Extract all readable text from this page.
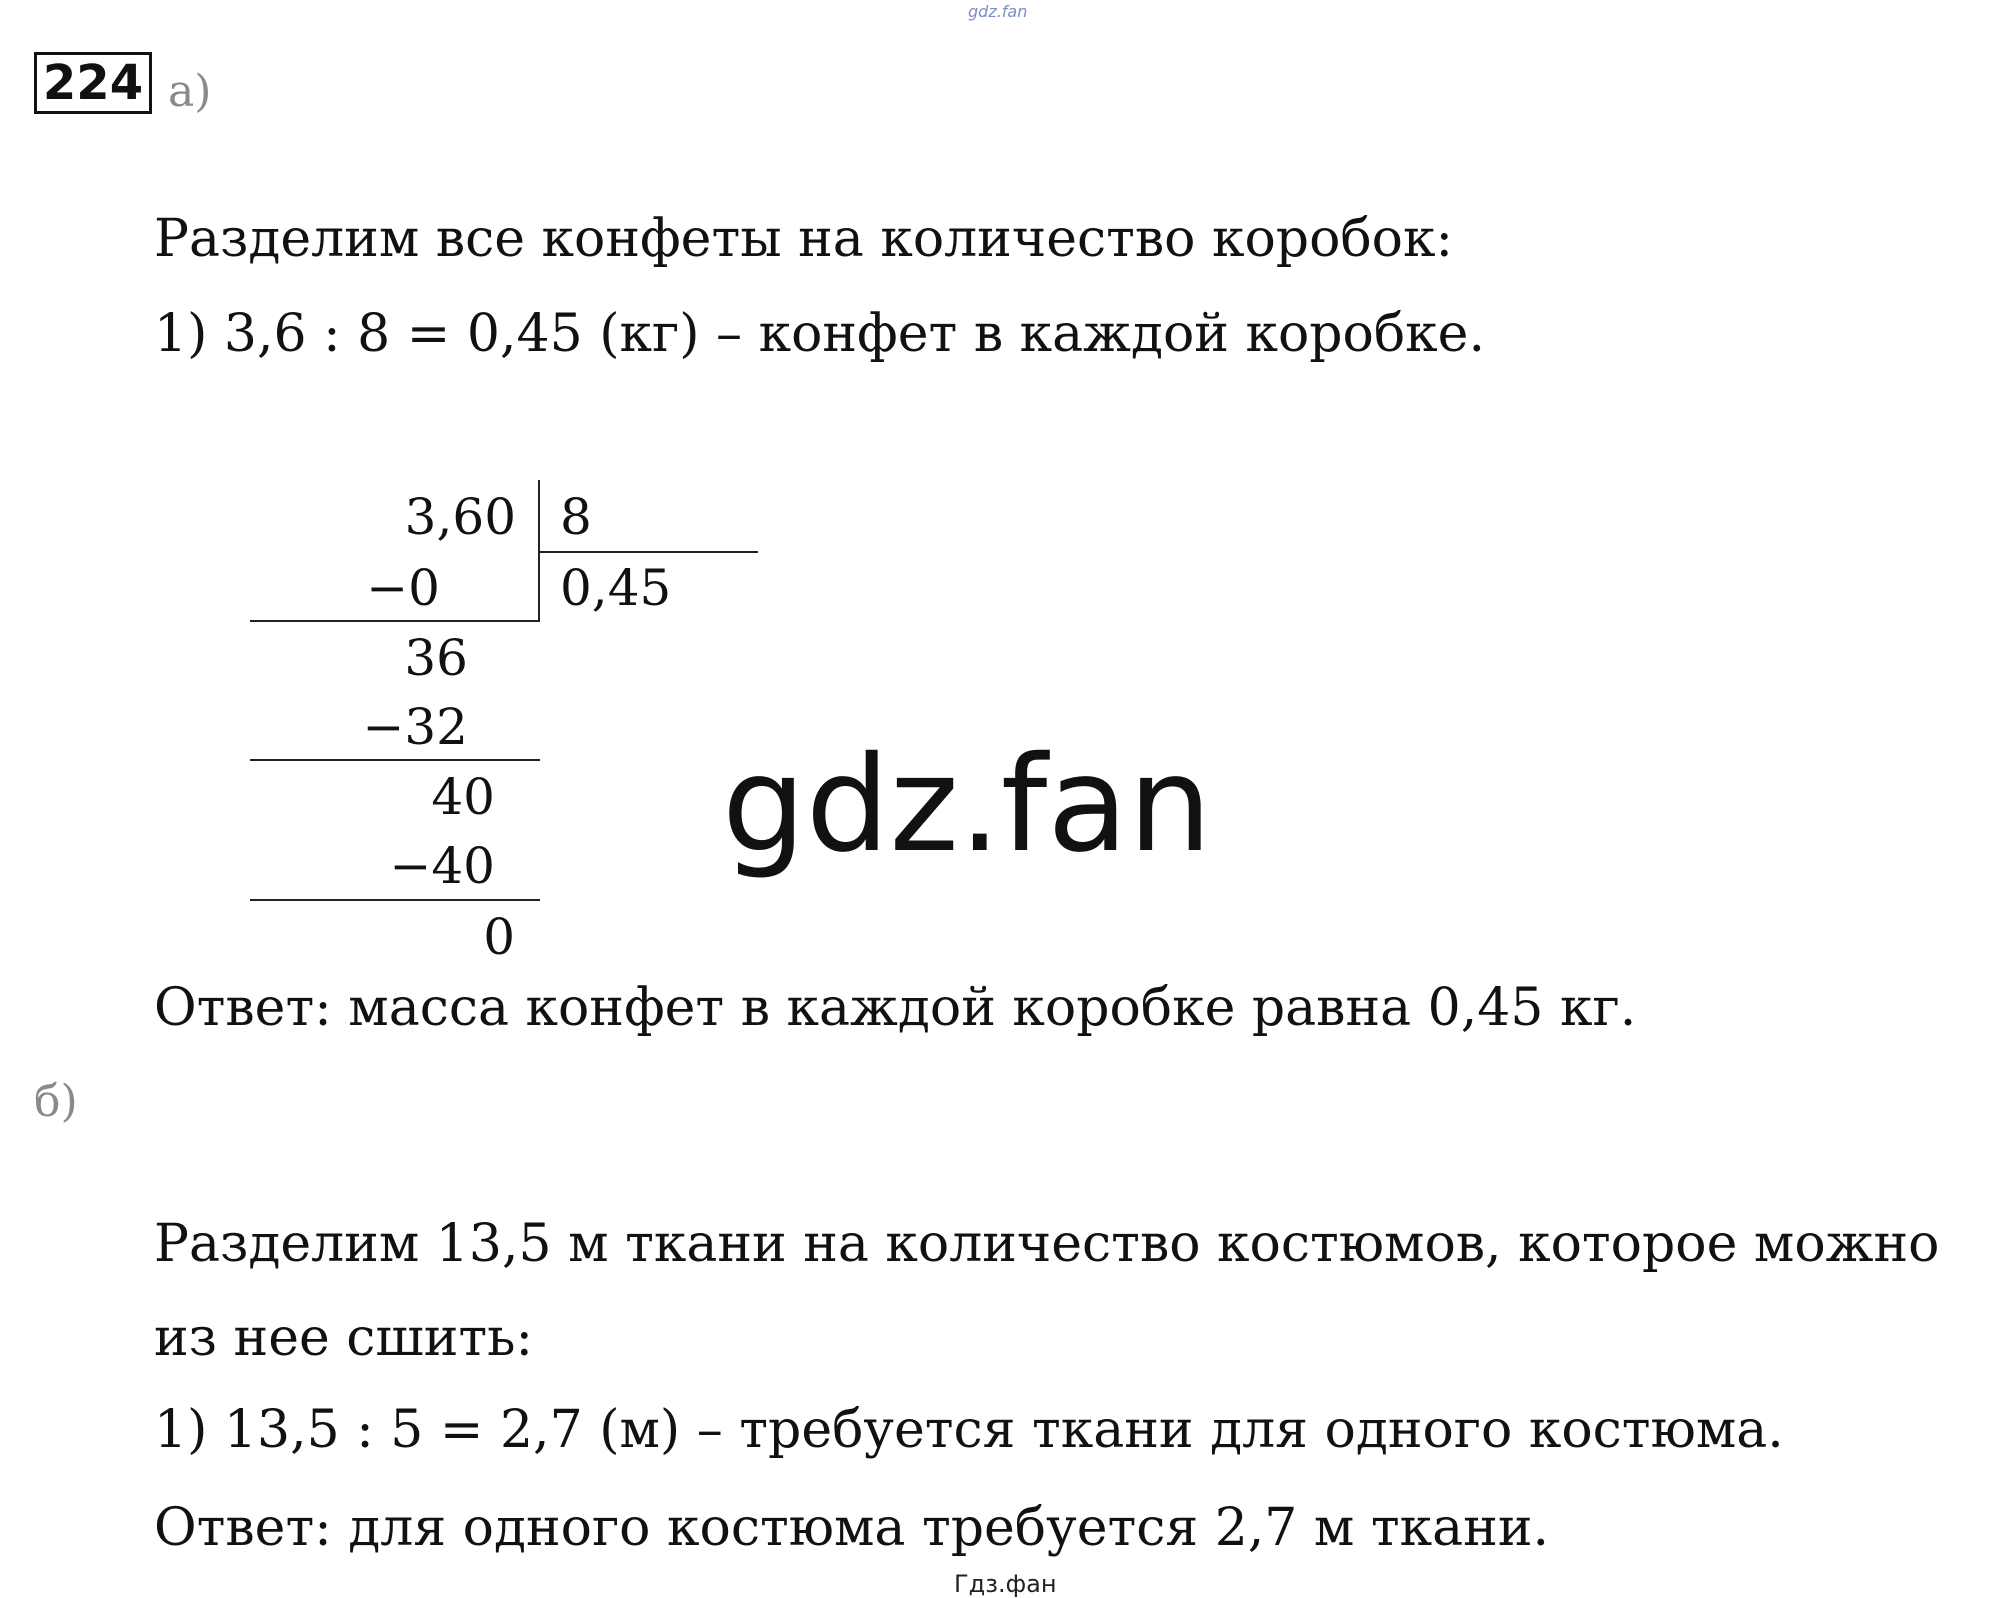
gdz.fan
gdz.fan
Гдз.фан
224 а)
Разделим все конфеты на количество коробок:
1) 3,6 : 8 = 0,45 (кг) – конфет в каждой коробке.
3,60 8
0,45
−0
36
−32
40
−40
0
Ответ: масса конфет в каждой коробке равна 0,45 кг.
б)
Разделим 13,5 м ткани на количество костюмов, которое можно
из нее сшить:
1) 13,5 : 5 = 2,7 (м) – требуется ткани для одного костюма.
Ответ: для одного костюма требуется 2,7 м ткани.
